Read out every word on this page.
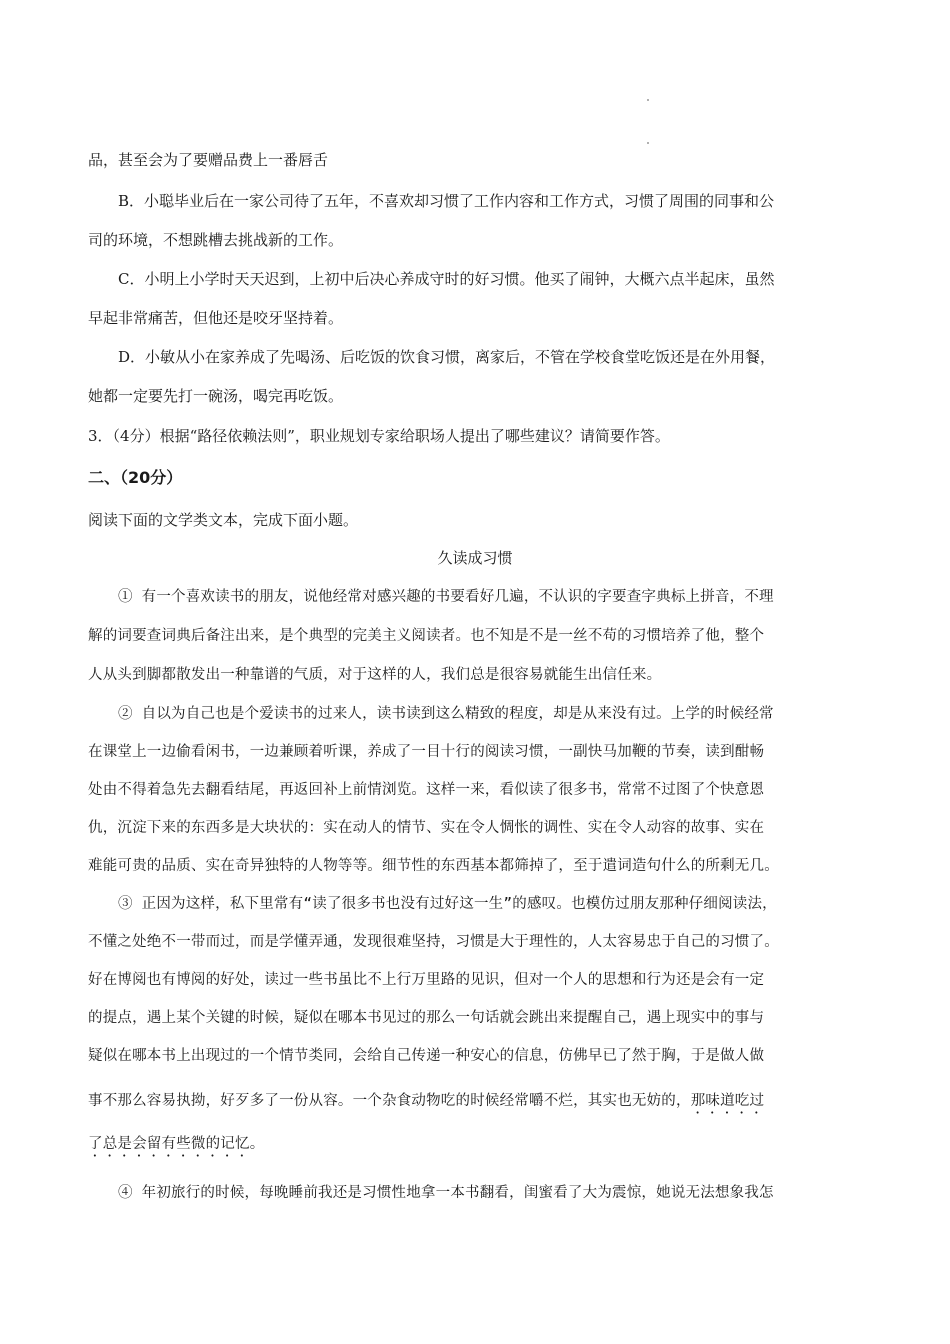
品，甚至会为了要赠品费上一番唇舌
B．小聪毕业后在一家公司待了五年，不喜欢却习惯了工作内容和工作方式，习惯了周围的同事和公
司的环境，不想跳槽去挑战新的工作。
C．小明上小学时天天迟到，上初中后决心养成守时的好习惯。他买了闹钟，大概六点半起床，虽然
早起非常痛苦，但他还是咬牙坚持着。
D．小敏从小在家养成了先喝汤、后吃饭的饮食习惯，离家后，不管在学校食堂吃饭还是在外用餐，
她都一定要先打一碗汤，喝完再吃饭。
3．（4分）根据“路径依赖法则”，职业规划专家给职场人提出了哪些建议？请简要作答。
二、（20分）
阅读下面的文学类文本，完成下面小题。
久读成习惯
① 有一个喜欢读书的朋友，说他经常对感兴趣的书要看好几遍，不认识的字要查字典标上拼音，不理
解的词要查词典后备注出来，是个典型的完美主义阅读者。也不知是不是一丝不苟的习惯培养了他，整个
人从头到脚都散发出一种靠谱的气质，对于这样的人，我们总是很容易就能生出信任来。
② 自以为自己也是个爱读书的过来人，读书读到这么精致的程度，却是从来没有过。上学的时候经常
在课堂上一边偷看闲书，一边兼顾着听课，养成了一目十行的阅读习惯，一副快马加鞭的节奏，读到酣畅
处由不得着急先去翻看结尾，再返回补上前情浏览。这样一来，看似读了很多书，常常不过图了个快意恩
仇，沉淀下来的东西多是大块状的：实在动人的情节、实在令人惆怅的调性、实在令人动容的故事、实在
难能可贵的品质、实在奇异独特的人物等等。细节性的东西基本都筛掉了，至于遣词造句什么的所剩无几。
③ 正因为这样，私下里常有“读了很多书也没有过好这一生”的感叹。也模仿过朋友那种仔细阅读法，
不懂之处绝不一带而过，而是学懂弄通，发现很难坚持，习惯是大于理性的，人太容易忠于自己的习惯了。
好在博阅也有博阅的好处，读过一些书虽比不上行万里路的见识，但对一个人的思想和行为还是会有一定
的提点，遇上某个关键的时候，疑似在哪本书见过的那么一句话就会跳出来提醒自己，遇上现实中的事与
疑似在哪本书上出现过的一个情节类同，会给自己传递一种安心的信息，仿佛早已了然于胸，于是做人做
事不那么容易执拗，好歹多了一份从容。一个杂食动物吃的时候经常嚼不烂，其实也无妨的，那味道吃过
了总是会留有些微的记忆。
④ 年初旅行的时候，每晚睡前我还是习惯性地拿一本书翻看，闺蜜看了大为震惊，她说无法想象我怎
